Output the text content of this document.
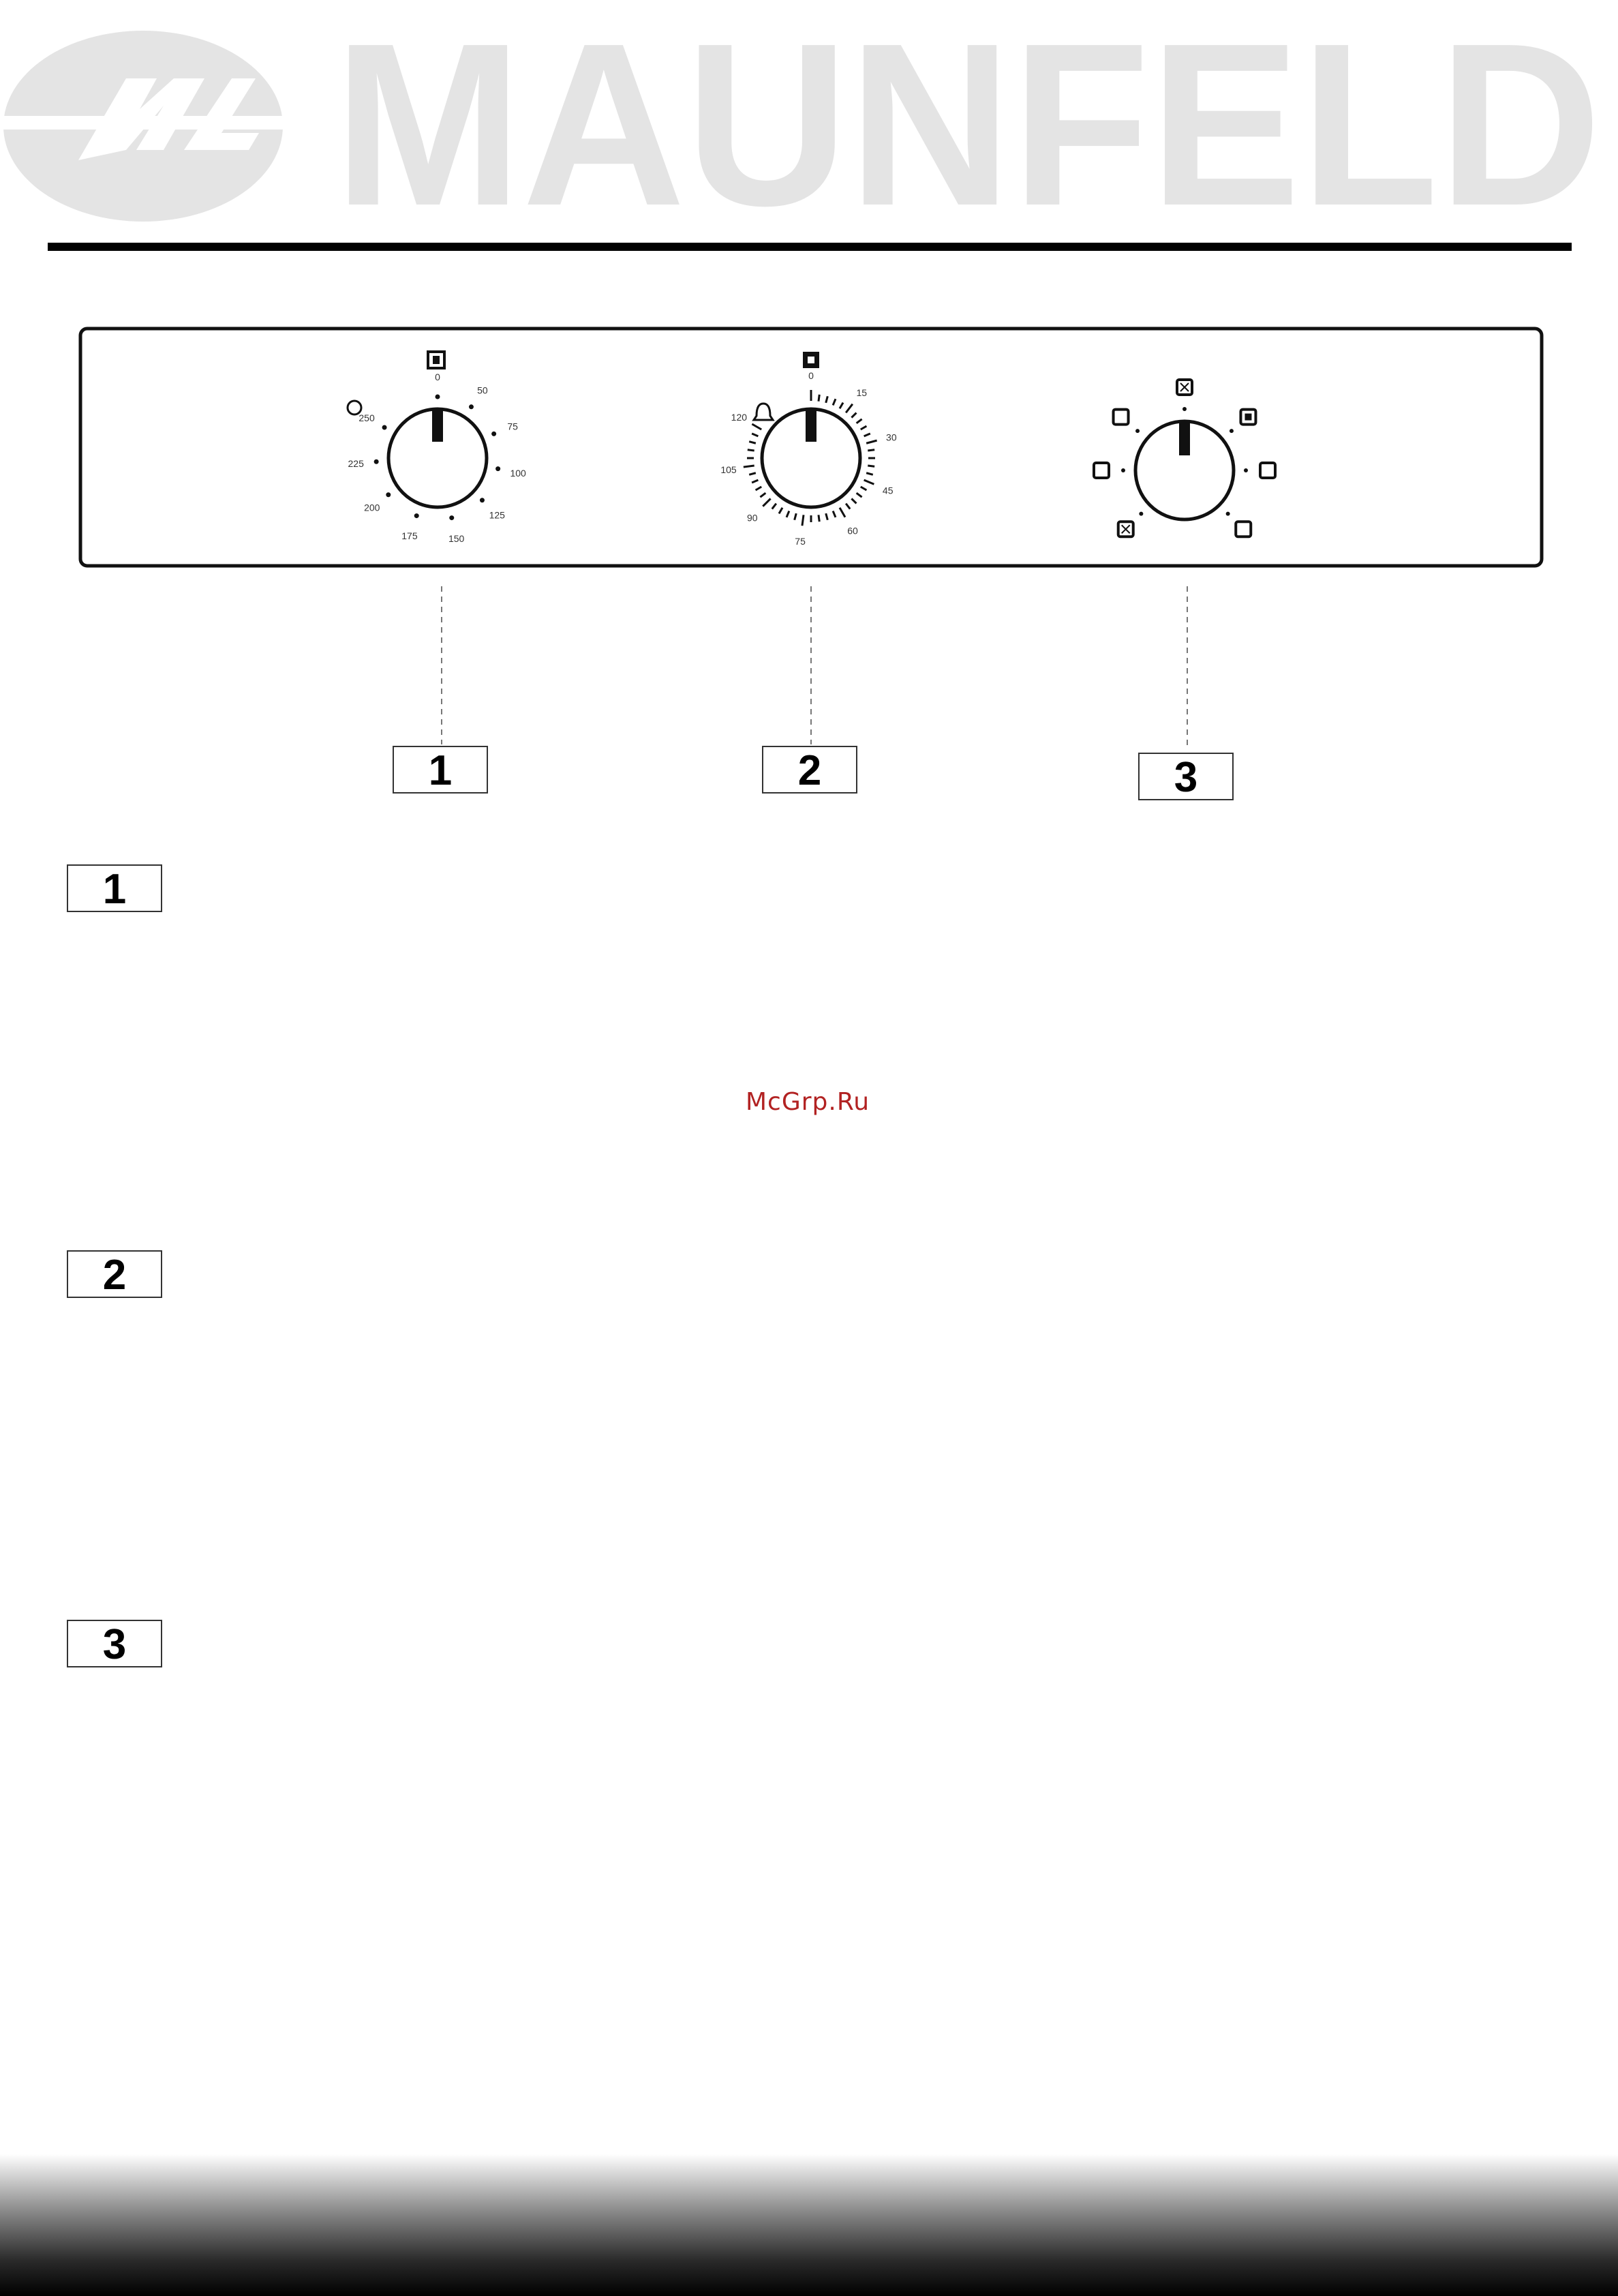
MAUNFELD
0
50
75
100
125
150
175
200
225
250
0
15
30
45
60
75
90
105
120
1	2	3
1
2
3
McGrp.Ru
